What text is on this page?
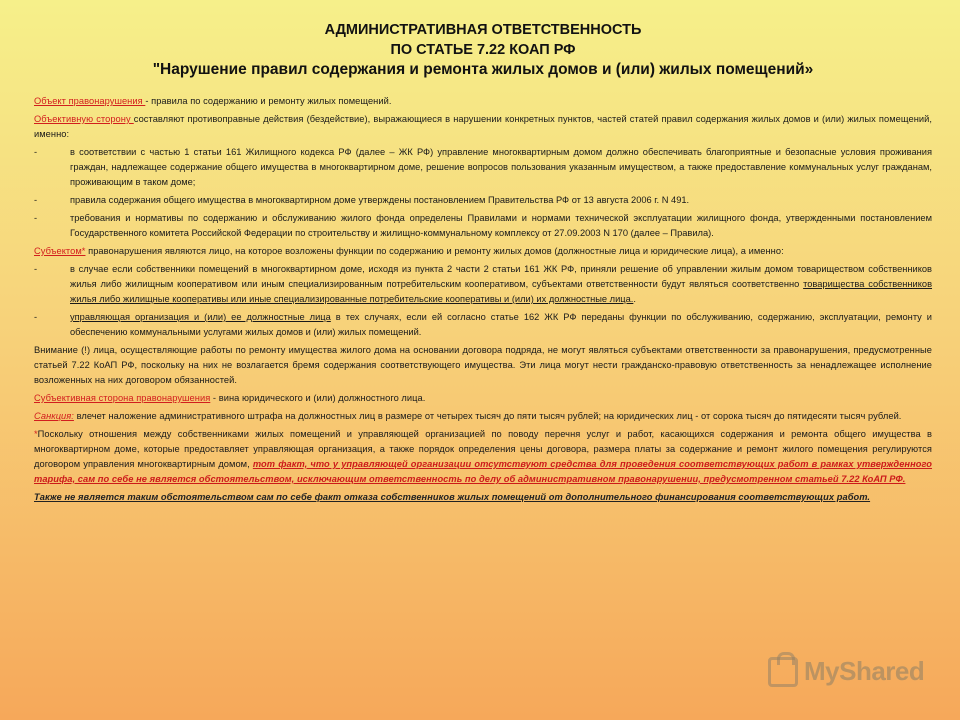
АДМИНИСТРАТИВНАЯ ОТВЕТСТВЕННОСТЬ
ПО СТАТЬЕ 7.22 КОАП РФ
"Нарушение правил содержания и ремонта жилых домов и (или) жилых помещений»

Объект правонарушения - правила по содержанию и ремонту жилых помещений.

Объективную сторону составляют противоправные действия (бездействие), выражающиеся в нарушении конкретных пунктов, частей статей правил содержания жилых домов и (или) жилых помещений, именно:

-	в соответствии с частью 1 статьи 161 Жилищного кодекса РФ (далее – ЖК РФ) управление многоквартирным домом должно обеспечивать благоприятные и безопасные условия проживания граждан, надлежащее содержание общего имущества в многоквартирном доме, решение вопросов пользования указанным имуществом, а также предоставление коммунальных услуг гражданам, проживающим в таком доме;
-	правила содержания общего имущества в многоквартирном доме утверждены постановлением Правительства РФ от 13 августа 2006 г. N 491.
-	требования и нормативы по содержанию и обслуживанию жилого фонда определены Правилами и нормами технической эксплуатации жилищного фонда, утвержденными постановлением Государственного комитета Российской Федерации по строительству и жилищно-коммунальному комплексу от 27.09.2003 N 170 (далее – Правила).

Субъектом* правонарушения являются лицо, на которое возложены функции по содержанию и ремонту жилых домов (должностные лица и юридические лица), а именно:

-	в случае если собственники помещений в многоквартирном доме, исходя из пункта 2 части 2 статьи 161 ЖК РФ, приняли решение об управлении жилым домом товариществом собственников жилья либо жилищным кооперативом или иным специализированным потребительским кооперативом, субъектами ответственности будут являться соответственно товарищества собственников жилья либо жилищные кооперативы или иные специализированные потребительские кооперативы и (или) их должностные лица..
-	управляющая организация и (или) ее должностные лица в тех случаях, если ей согласно статье 162 ЖК РФ переданы функции по обслуживанию, содержанию, эксплуатации, ремонту и обеспечению коммунальными услугами жилых домов и (или) жилых помещений.

Внимание (!) лица, осуществляющие работы по ремонту имущества жилого дома на основании договора подряда, не могут являться субъектами ответственности за правонарушения, предусмотренные статьей 7.22 КоАП РФ, поскольку на них не возлагается бремя содержания соответствующего имущества. Эти лица могут нести гражданско-правовую ответственность за ненадлежащее исполнение возложенных на них договором обязанностей.

Субъективная сторона правонарушения - вина юридического и (или) должностного лица.

Санкция: влечет наложение административного штрафа на должностных лиц в размере от четырех тысяч до пяти тысяч рублей; на юридических лиц - от сорока тысяч до пятидесяти тысяч рублей.

*Поскольку отношения между собственниками жилых помещений и управляющей организацией по поводу перечня услуг и работ, касающихся содержания и ремонта общего имущества в многоквартирном доме, которые предоставляет управляющая организация, а также порядок определения цены договора, размера платы за содержание и ремонт жилого помещения регулируются договором управления многоквартирным домом, тот факт, что у управляющей организации отсутствуют средства для проведения соответствующих работ в рамках утвержденного тарифа, сам по себе не является обстоятельством, исключающим ответственность по делу об административном правонарушении, предусмотренном статьей 7.22 КоАП РФ.

Также не является таким обстоятельством сам по себе факт отказа собственников жилых помещений от дополнительного финансирования соответствующих работ.

MyShared
